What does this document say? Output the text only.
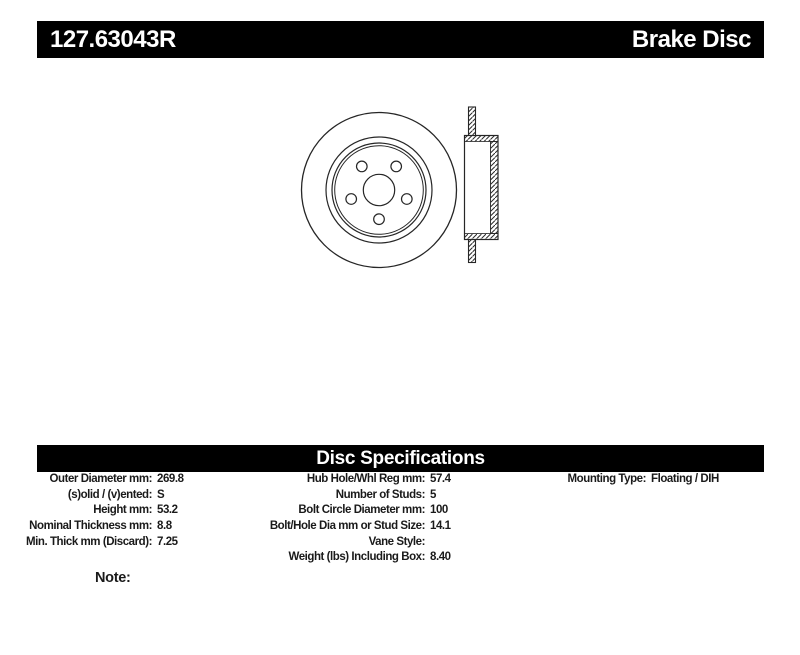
127.63043R	Brake Disc
Disc Specifications
Outer Diameter mm: 269.8
(s)olid / (v)ented: S
Height mm: 53.2
Nominal Thickness mm: 8.8
Min. Thick mm (Discard): 7.25
Hub Hole/Whl Reg mm: 57.4
Number of Studs: 5
Bolt Circle Diameter mm: 100
Bolt/Hole Dia mm or Stud Size: 14.1
Vane Style:
Weight (lbs) Including Box: 8.40
Mounting Type: Floating / DIH
Note:
